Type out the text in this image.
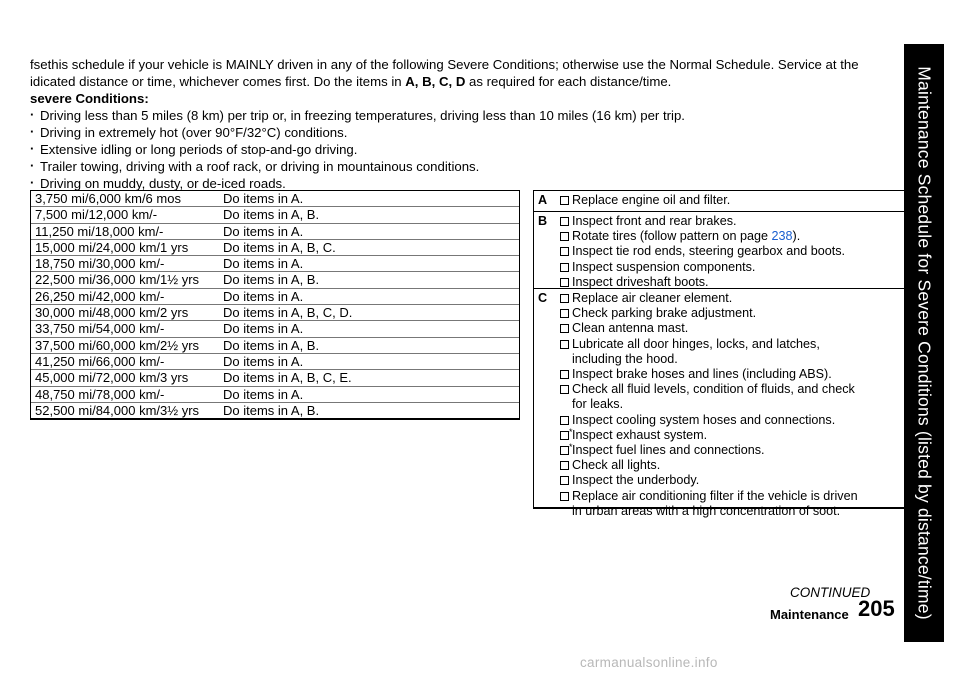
fsethis schedule if your vehicle is MAINLY driven in any of the following Severe Conditions; otherwise use the Normal Schedule. Service at the

idicated distance or time, whichever comes first. Do the items in A, B, C, D as required for each distance/time.

severe Conditions:
· Driving less than 5 miles (8 km) per trip or, in freezing temperatures, driving less than 10 miles (16 km) per trip.
· Driving in extremely hot (over 90°F/32°C) conditions.
· Extensive idling or long periods of stop-and-go driving.
· Trailer towing, driving with a roof rack, or driving in mountainous conditions.
· Driving on muddy, dusty, or de-iced roads.
3,750 mi/6,000 km/6 mos	Do items in A.
7,500 mi/12,000 km/-	Do items in A, B.
11,250 mi/18,000 km/-	Do items in A.
15,000 mi/24,000 km/1 yrs	Do items in A, B, C.
18,750 mi/30,000 km/-	Do items in A.
22,500 mi/36,000 km/1½ yrs	Do items in A, B.
26,250 mi/42,000 km/-	Do items in A.
30,000 mi/48,000 km/2 yrs	Do items in A, B, C, D.
33,750 mi/54,000 km/-	Do items in A.
37,500 mi/60,000 km/2½ yrs	Do items in A, B.
41,250 mi/66,000 km/-	Do items in A.
45,000 mi/72,000 km/3 yrs	Do items in A, B, C, E.
48,750 mi/78,000 km/-	Do items in A.
52,500 mi/84,000 km/3½ yrs	Do items in A, B.
A	Replace engine oil and filter.
B	Inspect front and rear brakes.
Rotate tires (follow pattern on page 238).
Inspect tie rod ends, steering gearbox and boots.
Inspect suspension components.
Inspect driveshaft boots.
C	Replace air cleaner element.
Check parking brake adjustment.
Clean antenna mast.
Lubricate all door hinges, locks, and latches,
including the hood.
Inspect brake hoses and lines (including ABS).
Check all fluid levels, condition of fluids, and check
for leaks.
Inspect cooling system hoses and connections.
* Inspect exhaust system.
* Inspect fuel lines and connections.
Check all lights.
Inspect the underbody.
Replace air conditioning filter if the vehicle is driven
in urban areas with a high concentration of soot.	Maintenance Schedule for Severe Conditions (listed by distance/time)
CONTINUED
Maintenance 205
carmanualsonline.info
